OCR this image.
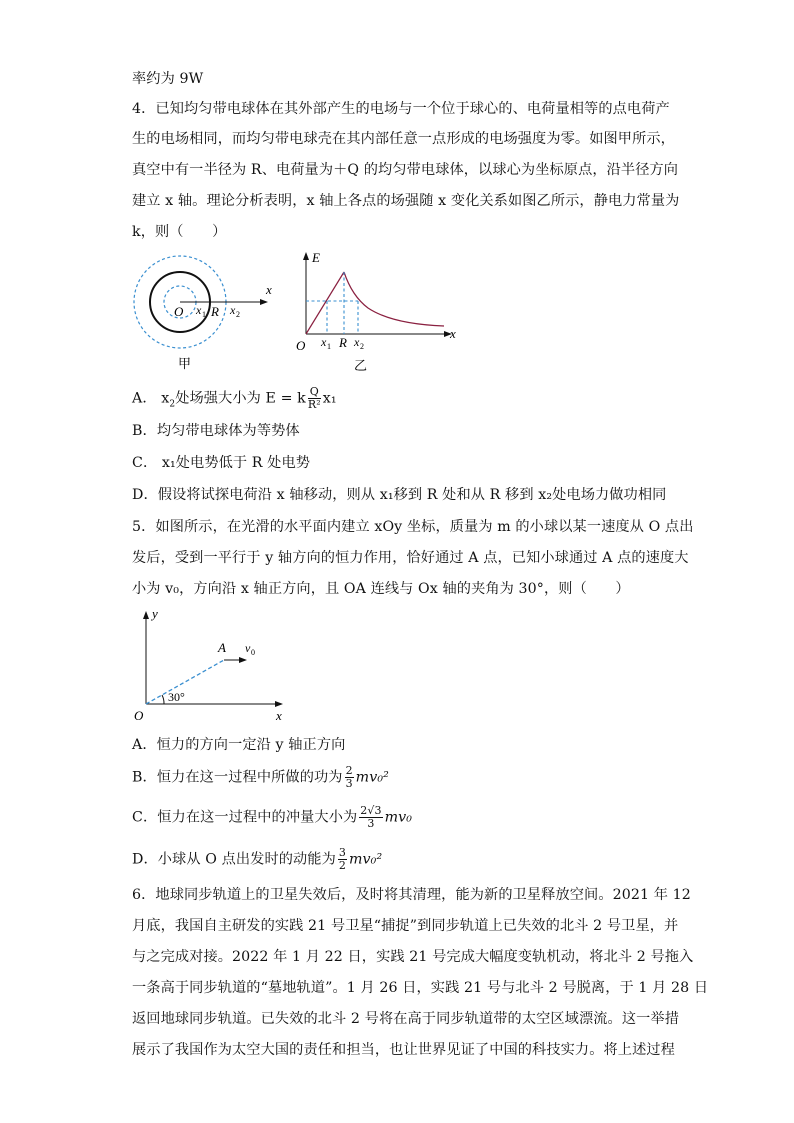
率约为 9W
4．已知均匀带电球体在其外部产生的电场与一个位于球心的、电荷量相等的点电荷产
生的电场相同，而均匀带电球壳在其内部任意一点形成的电场强度为零。如图甲所示，
真空中有一半径为 R、电荷量为＋Q 的均匀带电球体，以球心为坐标原点，沿半径方向
建立 x 轴。理论分析表明，x 轴上各点的场强随 x 变化关系如图乙所示，静电力常量为
k，则（　　）
O x 1 R x 2
x
甲
E
O x 1 R x 2
x
乙
A． $x_2$处场强大小为 E = k $\frac{Q}{\text{R²}} x_1$
B．均匀带电球体为等势体
C． x₁处电势低于 R 处电势
D．假设将试探电荷沿 x 轴移动，则从 x₁移到 R 处和从 R 移到 x₂处电场力做功相同
5．如图所示，在光滑的水平面内建立 xOy 坐标，质量为 m 的小球以某一速度从 O 点出
发后，受到一平行于 y 轴方向的恒力作用，恰好通过 A 点，已知小球通过 A 点的速度大
小为 v₀，方向沿 x 轴正方向，且 OA 连线与 Ox 轴的夹角为 30°，则（　　）
y
x
O
A v 0
30°
A．恒力的方向一定沿 y 轴正方向
B．恒力在这一过程中所做的功为 $\frac{2}{3} mv_0^2$
C．恒力在这一过程中的冲量大小为 $\frac{2√3}{3} mv_0$
D．小球从 O 点出发时的动能为 $\frac{3}{2} mv_0^2$
6．地球同步轨道上的卫星失效后，及时将其清理，能为新的卫星释放空间。2021 年 12
月底，我国自主研发的实践 21 号卫星“捕捉”到同步轨道上已失效的北斗 2 号卫星，并
与之完成对接。2022 年 1 月 22 日，实践 21 号完成大幅度变轨机动，将北斗 2 号拖入
一条高于同步轨道的“墓地轨道”。1 月 26 日，实践 21 号与北斗 2 号脱离，于 1 月 28 日
返回地球同步轨道。已失效的北斗 2 号将在高于同步轨道带的太空区域漂流。这一举措
展示了我国作为太空大国的责任和担当，也让世界见证了中国的科技实力。将上述过程
